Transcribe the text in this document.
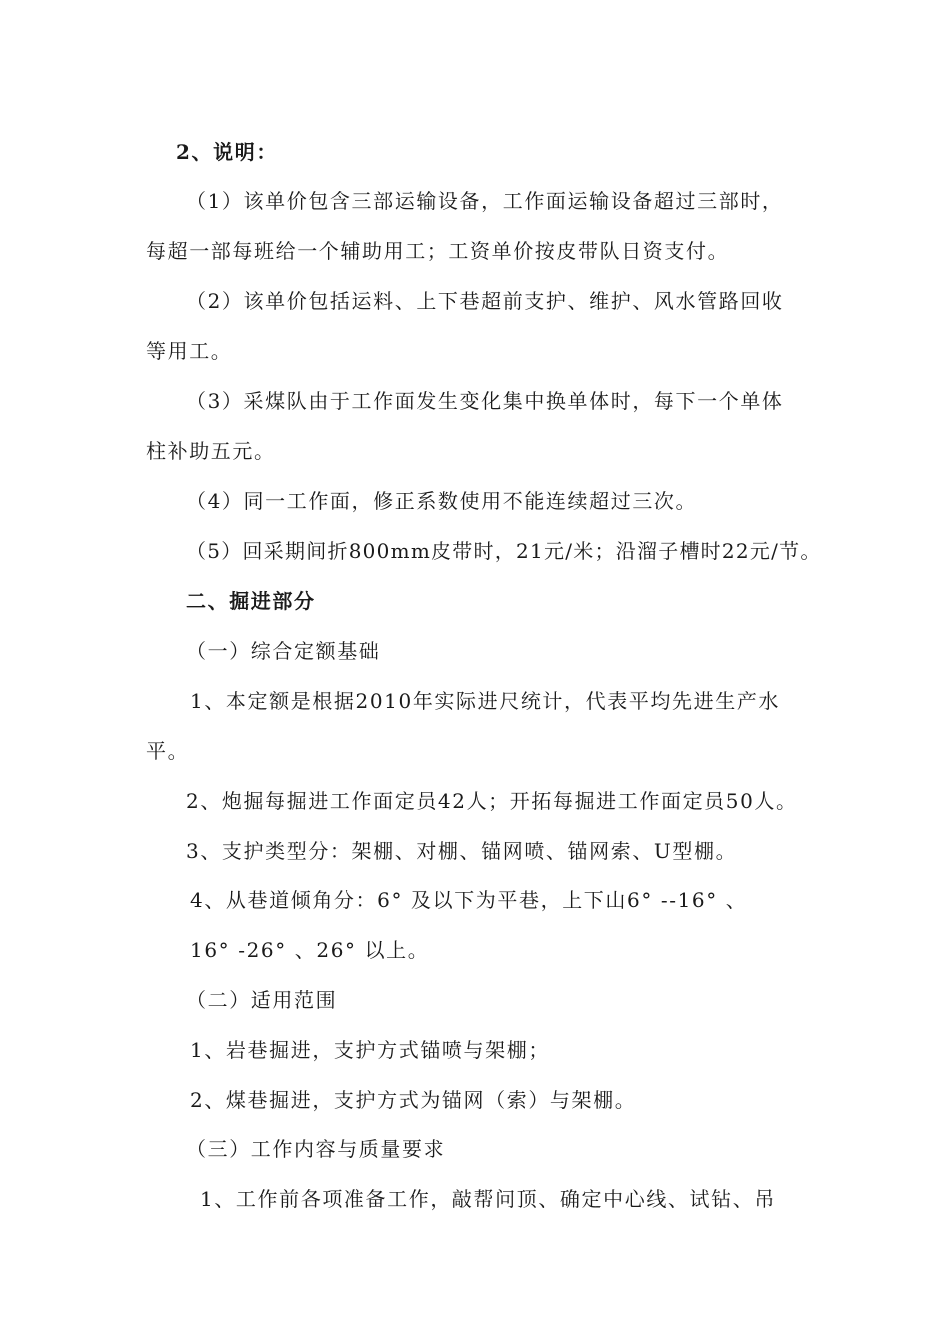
2、说明：

（1）该单价包含三部运输设备，工作面运输设备超过三部时，

每超一部每班给一个辅助用工；工资单价按皮带队日资支付。

（2）该单价包括运料、上下巷超前支护、维护、风水管路回收

等用工。

（3）采煤队由于工作面发生变化集中换单体时，每下一个单体

柱补助五元。

（4）同一工作面，修正系数使用不能连续超过三次。

（5）回采期间折800mm皮带时，21元/米；沿溜子槽时22元/节。

二、掘进部分

（一）综合定额基础

1、本定额是根据2010年实际进尺统计，代表平均先进生产水

平。

2、炮掘每掘进工作面定员42人；开拓每掘进工作面定员50人。

3、支护类型分：架棚、对棚、锚网喷、锚网索、U型棚。

4、从巷道倾角分：6° 及以下为平巷，上下山6° --16° 、

16° -26° 、26° 以上。

（二）适用范围

1、岩巷掘进，支护方式锚喷与架棚；

2、煤巷掘进，支护方式为锚网（索）与架棚。

（三）工作内容与质量要求

1、工作前各项准备工作，敲帮问顶、确定中心线、试钻、吊
